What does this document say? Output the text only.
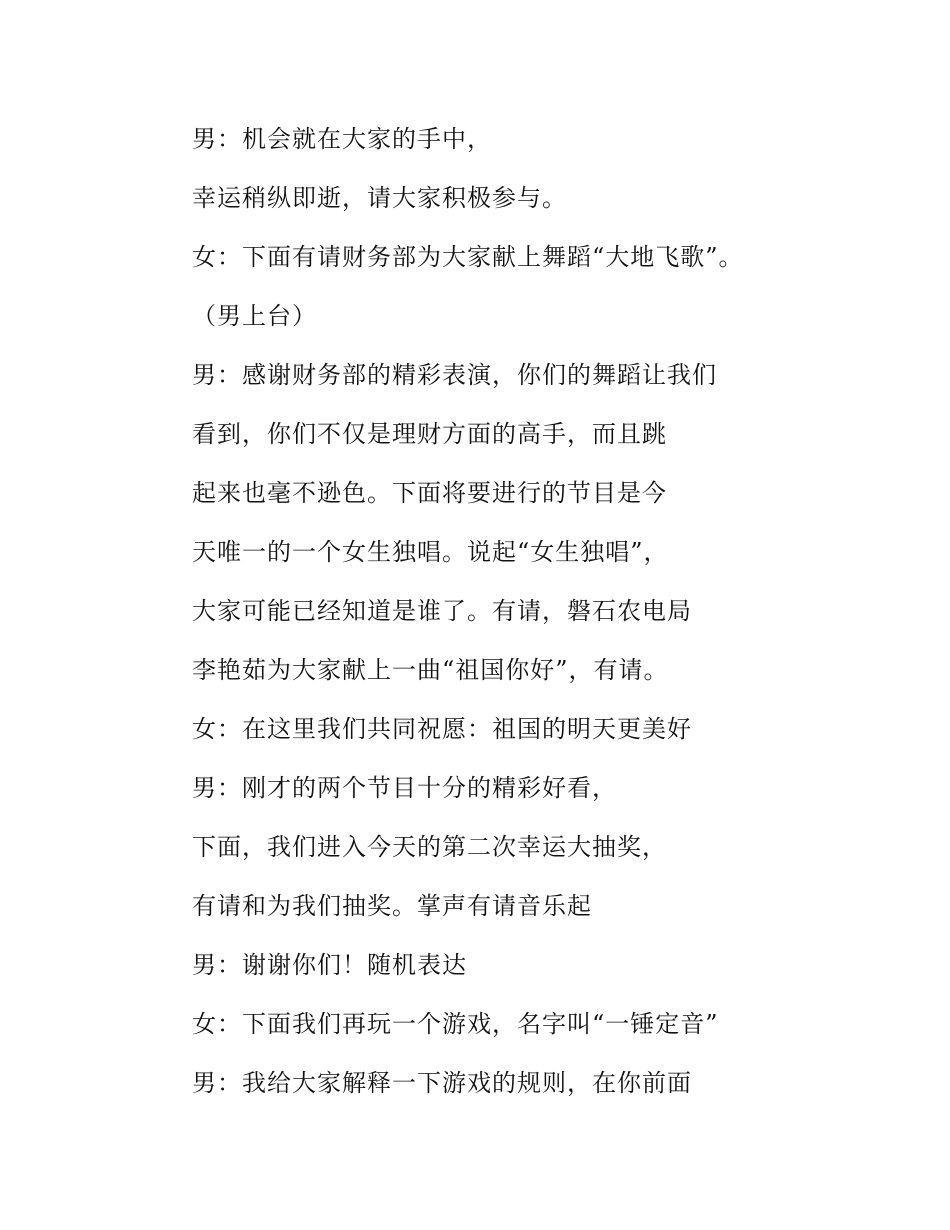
男：机会就在大家的手中，
幸运稍纵即逝，请大家积极参与。
女：下面有请财务部为大家献上舞蹈“大地飞歌”。
（男上台）
男：感谢财务部的精彩表演，你们的舞蹈让我们
看到，你们不仅是理财方面的高手，而且跳
起来也毫不逊色。下面将要进行的节目是今
天唯一的一个女生独唱。说起“女生独唱”，
大家可能已经知道是谁了。有请，磐石农电局
李艳茹为大家献上一曲“祖国你好”，有请。
女：在这里我们共同祝愿：祖国的明天更美好
男：刚才的两个节目十分的精彩好看，
下面，我们进入今天的第二次幸运大抽奖，
有请和为我们抽奖。掌声有请音乐起
男：谢谢你们！随机表达
女：下面我们再玩一个游戏，名字叫“一锤定音”
男：我给大家解释一下游戏的规则，在你前面
